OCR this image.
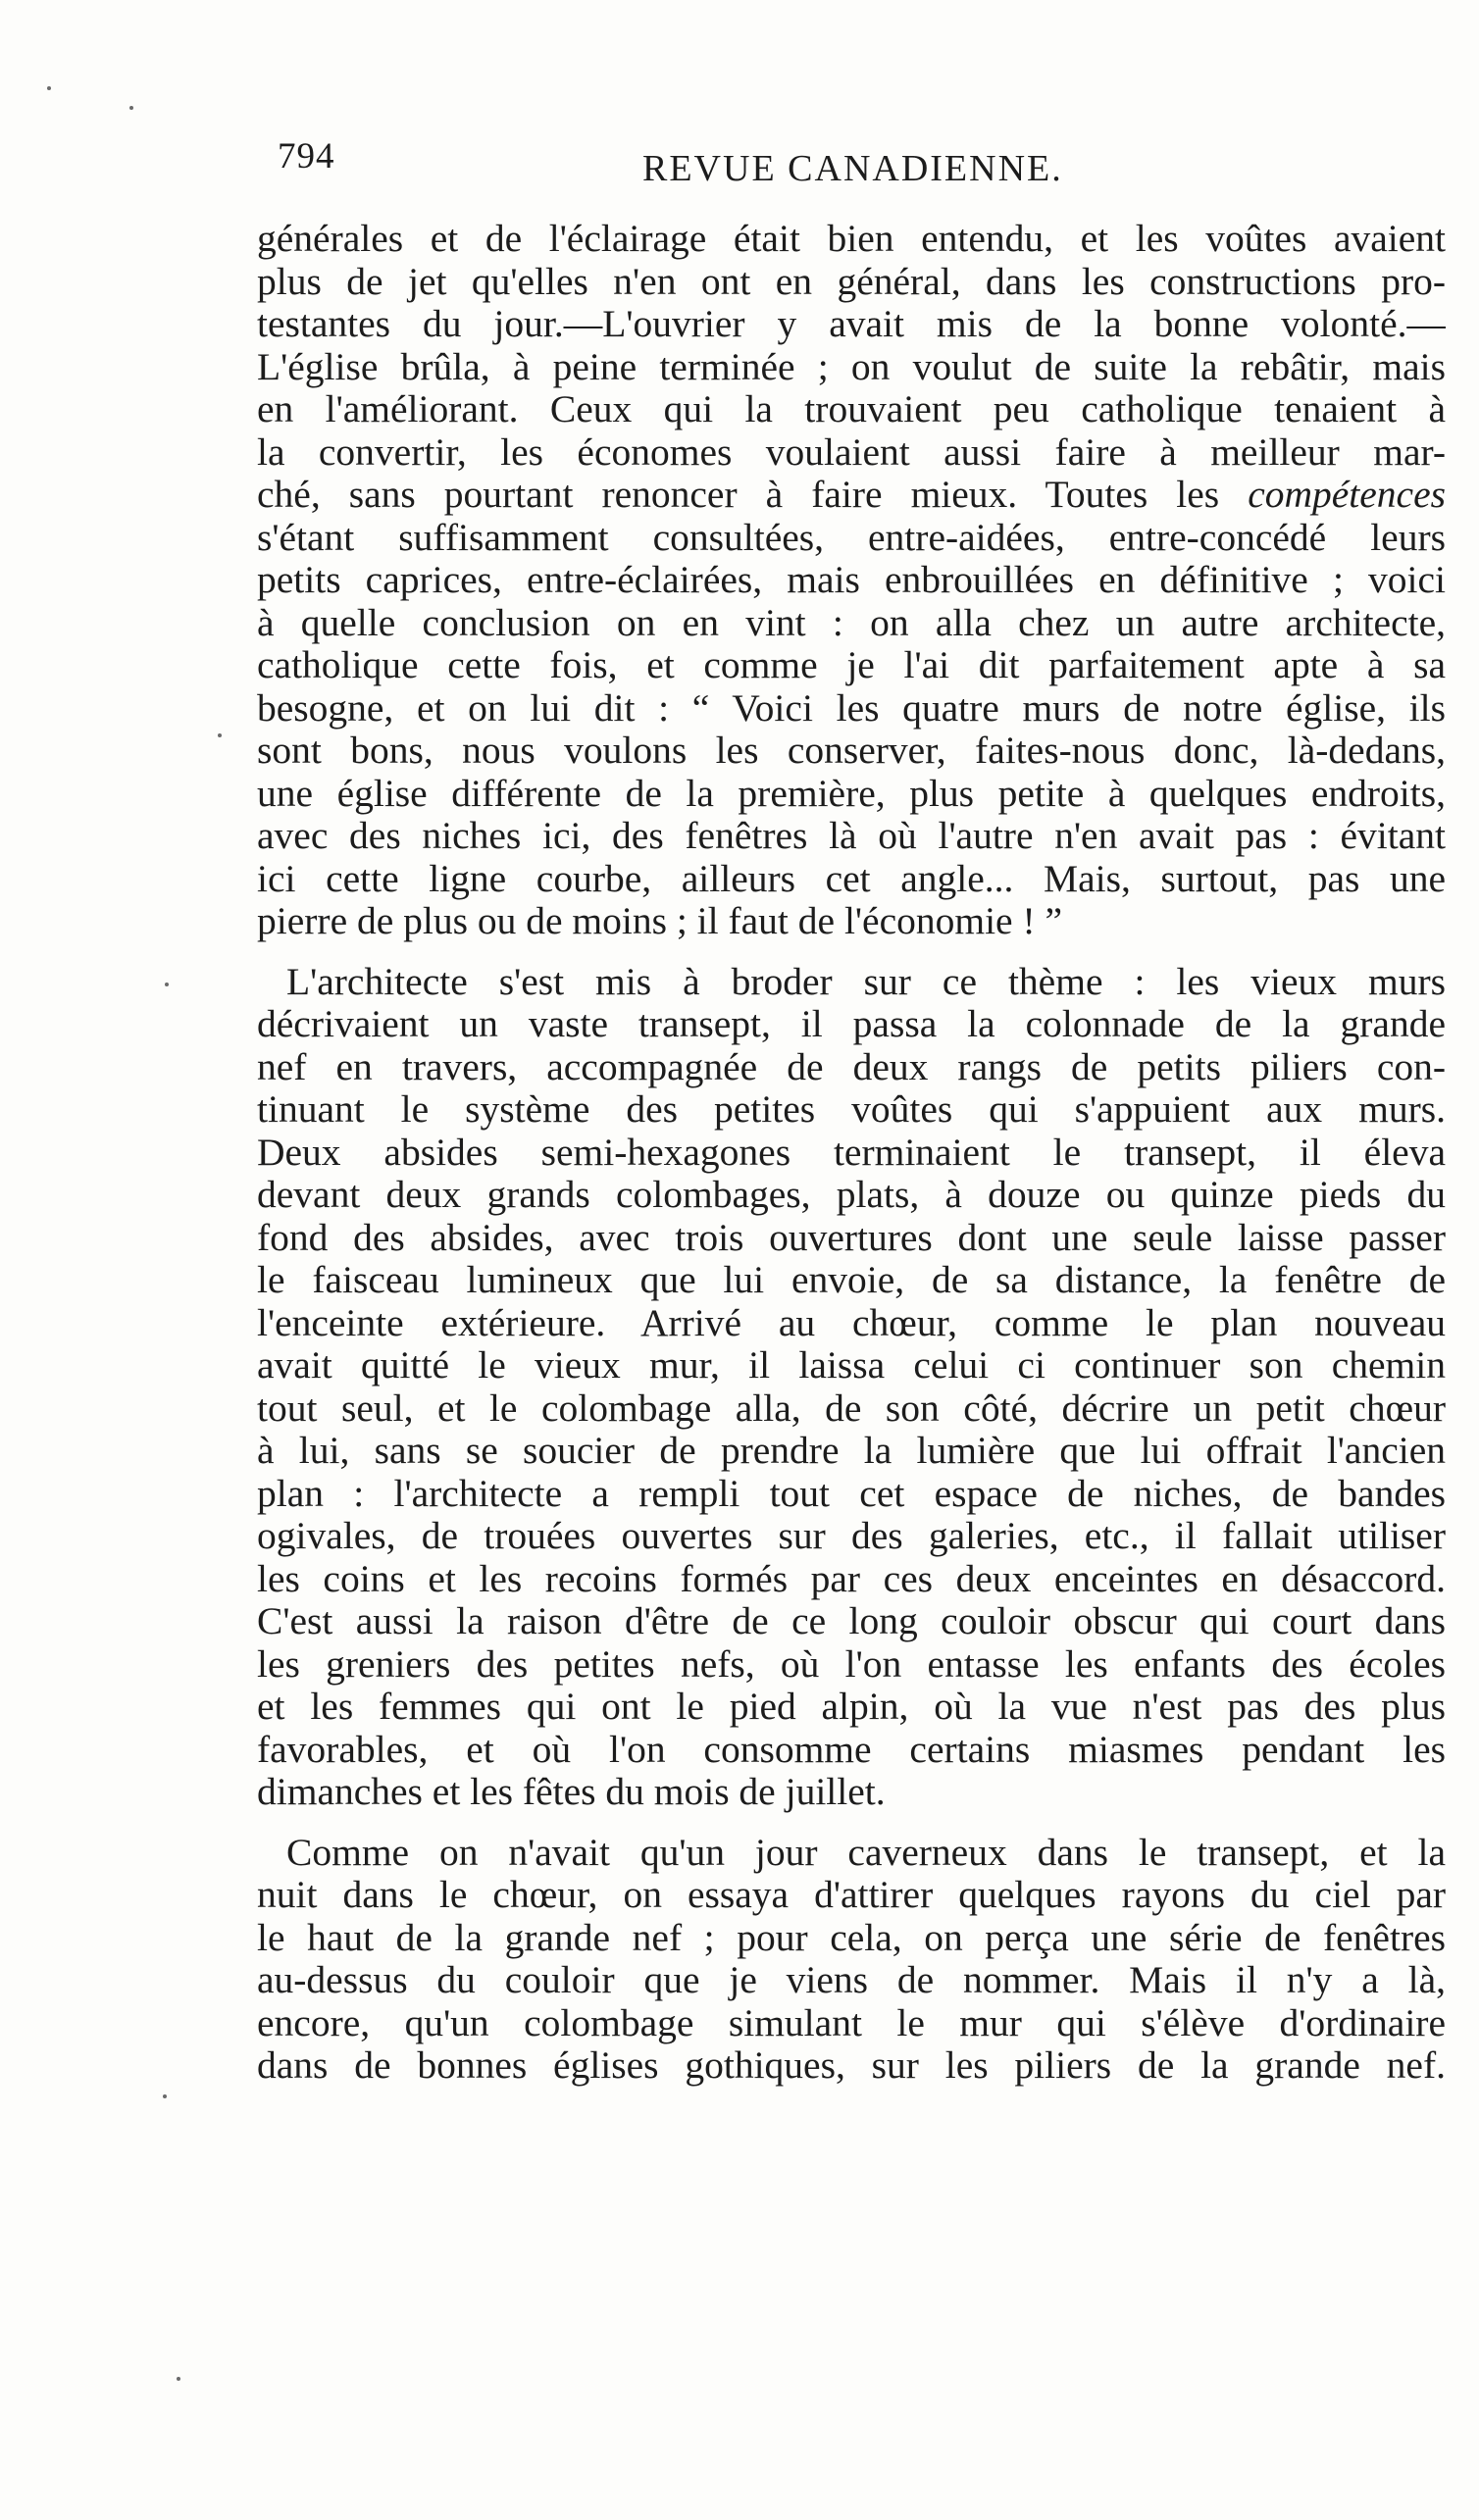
794	REVUE CANADIENNE.
générales et de l'éclairage était bien entendu, et les voûtes avaient
plus de jet qu'elles n'en ont en général, dans les constructions pro-
testantes du jour.—L'ouvrier y avait mis de la bonne volonté.—
L'église brûla, à peine terminée ; on voulut de suite la rebâtir, mais
en l'améliorant. Ceux qui la trouvaient peu catholique tenaient à
la convertir, les économes voulaient aussi faire à meilleur mar-
ché, sans pourtant renoncer à faire mieux. Toutes les compétences
s'étant suffisamment consultées, entre-aidées, entre-concédé leurs
petits caprices, entre-éclairées, mais enbrouillées en définitive ; voici
à quelle conclusion on en vint : on alla chez un autre architecte,
catholique cette fois, et comme je l'ai dit parfaitement apte à sa
besogne, et on lui dit : “ Voici les quatre murs de notre église, ils
sont bons, nous voulons les conserver, faites-nous donc, là-dedans,
une église différente de la première, plus petite à quelques endroits,
avec des niches ici, des fenêtres là où l'autre n'en avait pas : évitant
ici cette ligne courbe, ailleurs cet angle... Mais, surtout, pas une
pierre de plus ou de moins ; il faut de l'économie ! ”
L'architecte s'est mis à broder sur ce thème : les vieux murs
décrivaient un vaste transept, il passa la colonnade de la grande
nef en travers, accompagnée de deux rangs de petits piliers con-
tinuant le système des petites voûtes qui s'appuient aux murs.
Deux absides semi-hexagones terminaient le transept, il éleva
devant deux grands colombages, plats, à douze ou quinze pieds du
fond des absides, avec trois ouvertures dont une seule laisse passer
le faisceau lumineux que lui envoie, de sa distance, la fenêtre de
l'enceinte extérieure. Arrivé au chœur, comme le plan nouveau
avait quitté le vieux mur, il laissa celui ci continuer son chemin
tout seul, et le colombage alla, de son côté, décrire un petit chœur
à lui, sans se soucier de prendre la lumière que lui offrait l'ancien
plan : l'architecte a rempli tout cet espace de niches, de bandes
ogivales, de trouées ouvertes sur des galeries, etc., il fallait utiliser
les coins et les recoins formés par ces deux enceintes en désaccord.
C'est aussi la raison d'être de ce long couloir obscur qui court dans
les greniers des petites nefs, où l'on entasse les enfants des écoles
et les femmes qui ont le pied alpin, où la vue n'est pas des plus
favorables, et où l'on consomme certains miasmes pendant les
dimanches et les fêtes du mois de juillet.
Comme on n'avait qu'un jour caverneux dans le transept, et la
nuit dans le chœur, on essaya d'attirer quelques rayons du ciel par
le haut de la grande nef ; pour cela, on perça une série de fenêtres
au-dessus du couloir que je viens de nommer. Mais il n'y a là,
encore, qu'un colombage simulant le mur qui s'élève d'ordinaire
dans de bonnes églises gothiques, sur les piliers de la grande nef.
